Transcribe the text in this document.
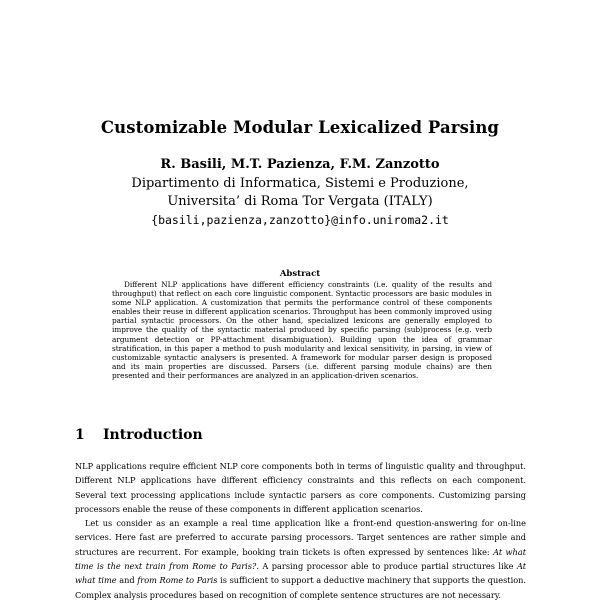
Customizable Modular Lexicalized Parsing
R. Basili, M.T. Pazienza, F.M. Zanzotto
Dipartimento di Informatica, Sistemi e Produzione,
Universita’ di Roma Tor Vergata (ITALY)
{basili,pazienza,zanzotto}@info.uniroma2.it
Abstract
Different NLP applications have different efficiency constraints (i.e. quality of the results and throughput) that reflect on each core linguistic component. Syntactic processors are basic modules in some NLP application. A customization that permits the performance control of these components enables their reuse in different application scenarios. Throughput has been commonly improved using partial syntactic processors. On the other hand, specialized lexicons are generally employed to improve the quality of the syntactic material produced by specific parsing (sub)process (e.g. verb argument detection or PP-attachment disambiguation). Building upon the idea of grammar stratification, in this paper a method to push modularity and lexical sensitivity, in parsing, in view of customizable syntactic analysers is presented. A framework for modular parser design is proposed and its main properties are discussed. Parsers (i.e. different parsing module chains) are then presented and their performances are analyzed in an application-driven scenarios.
1 Introduction

NLP applications require efficient NLP core components both in terms of linguistic quality and throughput. Different NLP applications have different efficiency constraints and this reflects on each component. Several text processing applications include syntactic parsers as core components. Customizing parsing processors enable the reuse of these components in different application scenarios.

Let us consider as an example a real time application like a front-end question-answering for on-line services. Here fast are preferred to accurate parsing processors. Target sentences are rather simple and structures are recurrent. For example, booking train tickets is often expressed by sentences like: At what time is the next train from Rome to Paris?. A parsing processor able to produce partial structures like At what time and from Rome to Paris is sufficient to support a deductive machinery that supports the question. Complex analysis procedures based on recognition of complete sentence structures are not necessary.
